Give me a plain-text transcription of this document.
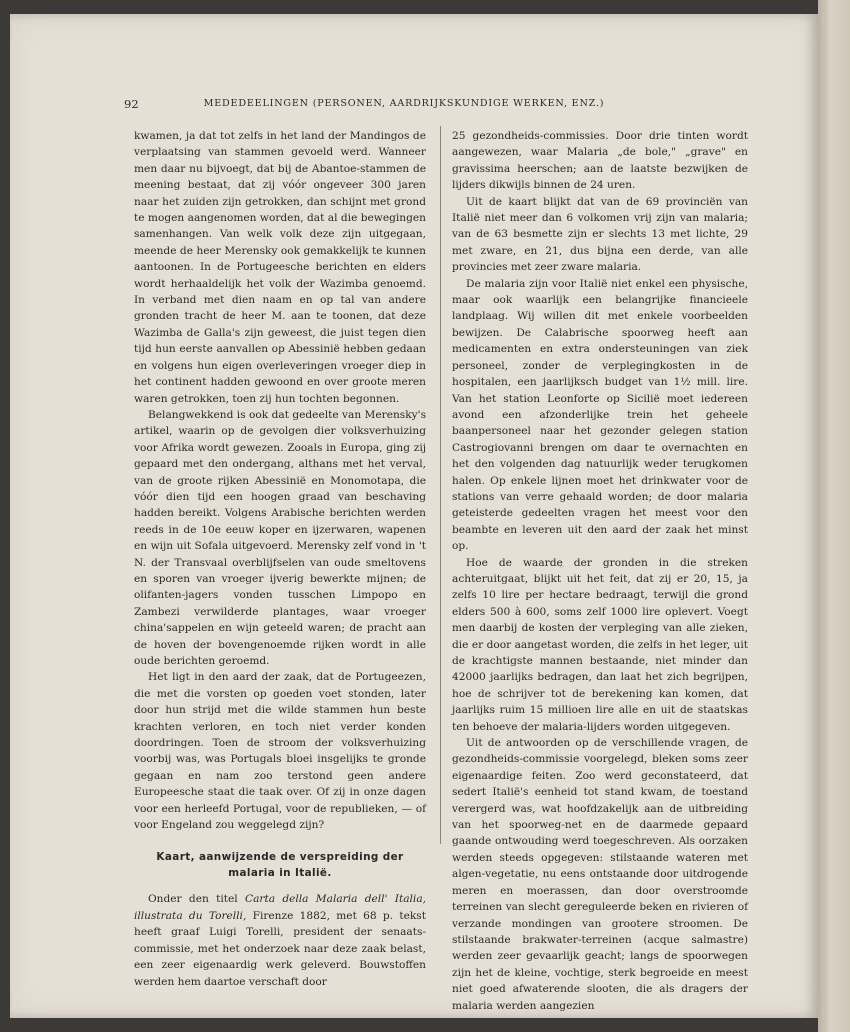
92	MEDEDEELINGEN (PERSONEN, AARDRIJKSKUNDIGE WERKEN, ENZ.)

kwamen, ja dat tot zelfs in het land der Mandingos de verplaatsing van stammen gevoeld werd. Wanneer men daar nu bijvoegt, dat bij de Abantoe-stammen de meening bestaat, dat zij vóór ongeveer 300 jaren naar het zuiden zijn getrokken, dan schijnt met grond te mogen aangenomen worden, dat al die bewegingen samenhangen. Van welk volk deze zijn uitgegaan, meende de heer Merensky ook gemakkelijk te kunnen aantoonen. In de Portugeesche berichten en elders wordt herhaaldelijk het volk der Wazimba genoemd. In verband met dien naam en op tal van andere gronden tracht de heer M. aan te toonen, dat deze Wazimba de Galla's zijn geweest, die juist tegen dien tijd hun eerste aanvallen op Abessinië hebben gedaan en volgens hun eigen overleveringen vroeger diep in het continent hadden gewoond en over groote meren waren getrokken, toen zij hun tochten begonnen.

Belangwekkend is ook dat gedeelte van Merensky's artikel, waarin op de gevolgen dier volksverhuizing voor Afrika wordt gewezen. Zooals in Europa, ging zij gepaard met den ondergang, althans met het verval, van de groote rijken Abessinië en Monomotapa, die vóór dien tijd een hoogen graad van beschaving hadden bereikt. Volgens Arabische berichten werden reeds in de 10e eeuw koper en ijzerwaren, wapenen en wijn uit Sofala uitgevoerd. Merensky zelf vond in 't N. der Transvaal overblijfselen van oude smeltovens en sporen van vroeger ijverig bewerkte mijnen; de olifanten-jagers vonden tusschen Limpopo en Zambezi verwilderde plantages, waar vroeger china'sappelen en wijn geteeld waren; de pracht aan de hoven der bovengenoemde rijken wordt in alle oude berichten geroemd.

Het ligt in den aard der zaak, dat de Portugeezen, die met die vorsten op goeden voet stonden, later door hun strijd met die wilde stammen hun beste krachten verloren, en toch niet verder konden doordringen. Toen de stroom der volksverhuizing voorbij was, was Portugals bloei insgelijks te gronde gegaan en nam zoo terstond geen andere Europeesche staat die taak over. Of zij in onze dagen voor een herleefd Portugal, voor de republieken, — of voor Engeland zou weggelegd zijn?

Kaart, aanwijzende de verspreiding der malaria in Italië.

Onder den titel Carta della Malaria dell' Italia, illustrata du Torelli, Firenze 1882, met 68 p. tekst heeft graaf Luigi Torelli, president der senaats-commissie, met het onderzoek naar deze zaak belast, een zeer eigenaardig werk geleverd. Bouwstoffen werden hem daartoe verschaft door

25 gezondheids-commissies. Door drie tinten wordt aangewezen, waar Malaria „de bole," „grave" en gravissima heerschen; aan de laatste bezwijken de lijders dikwijls binnen de 24 uren.

Uit de kaart blijkt dat van de 69 provinciën van Italië niet meer dan 6 volkomen vrij zijn van malaria; van de 63 besmette zijn er slechts 13 met lichte, 29 met zware, en 21, dus bijna een derde, van alle provincies met zeer zware malaria.

De malaria zijn voor Italië niet enkel een physische, maar ook waarlijk een belangrijke financieele landplaag. Wij willen dit met enkele voorbeelden bewijzen. De Calabrische spoorweg heeft aan medicamenten en extra ondersteuningen van ziek personeel, zonder de verplegingkosten in de hospitalen, een jaarlijksch budget van 1½ mill. lire. Van het station Leonforte op Sicilië moet iedereen avond een afzonderlijke trein het geheele baanpersoneel naar het gezonder gelegen station Castrogiovanni brengen om daar te overnachten en het den volgenden dag natuurlijk weder terugkomen halen. Op enkele lijnen moet het drinkwater voor de stations van verre gehaald worden; de door malaria geteisterde gedeelten vragen het meest voor den beambte en leveren uit den aard der zaak het minst op.

Hoe de waarde der gronden in die streken achteruitgaat, blijkt uit het feit, dat zij er 20, 15, ja zelfs 10 lire per hectare bedraagt, terwijl die grond elders 500 à 600, soms zelf 1000 lire oplevert. Voegt men daarbij de kosten der verpleging van alle zieken, die er door aangetast worden, die zelfs in het leger, uit de krachtigste mannen bestaande, niet minder dan 42000 jaarlijks bedragen, dan laat het zich begrijpen, hoe de schrijver tot de berekening kan komen, dat jaarlijks ruim 15 millioen lire alle en uit de staatskas ten behoeve der malaria-lijders worden uitgegeven.

Uit de antwoorden op de verschillende vragen, de gezondheids-commissie voorgelegd, bleken soms zeer eigenaardige feiten. Zoo werd geconstateerd, dat sedert Italië's eenheid tot stand kwam, de toestand verergerd was, wat hoofdzakelijk aan de uitbreiding van het spoorweg-net en de daarmede gepaard gaande ontwouding werd toegeschreven. Als oorzaken werden steeds opgegeven: stilstaande wateren met algen-vegetatie, nu eens ontstaande door uitdrogende meren en moerassen, dan door overstroomde terreinen van slecht gereguleerde beken en rivieren of verzande mondingen van grootere stroomen. De stilstaande brakwater-terreinen (acque salmastre) werden zeer gevaarlijk geacht; langs de spoorwegen zijn het de kleine, vochtige, sterk begroeide en meest niet goed afwaterende slooten, die als dragers der malaria werden aangezien
